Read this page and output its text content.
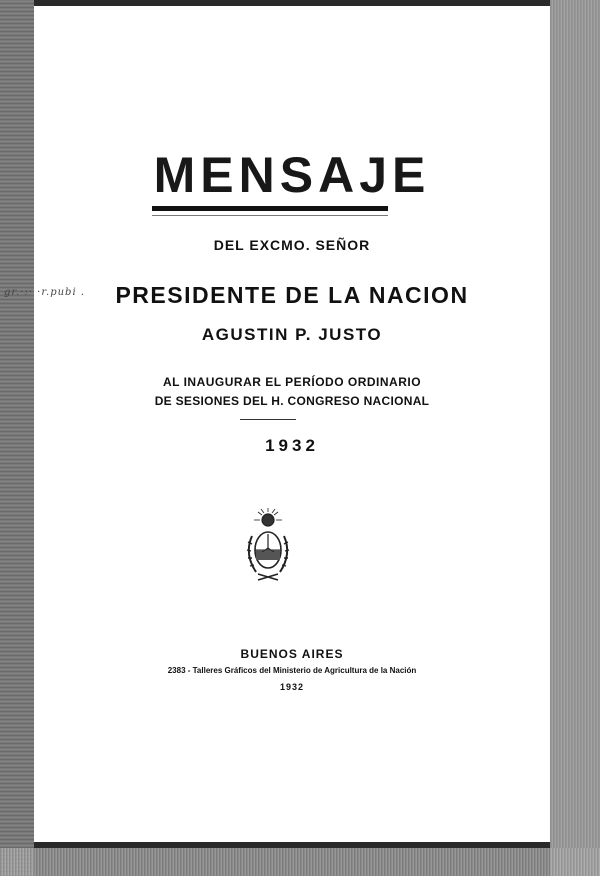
MENSAJE
DEL EXCMO. SEÑOR
gr.·:· ·r.pubi .	PRESIDENTE DE LA NACION
AGUSTIN P. JUSTO
AL INAUGURAR EL PERÍODO ORDINARIO
DE SESIONES DEL H. CONGRESO NACIONAL
1932
BUENOS AIRES
2383 - Talleres Gráficos del Ministerio de Agricultura de la Nación
1932
